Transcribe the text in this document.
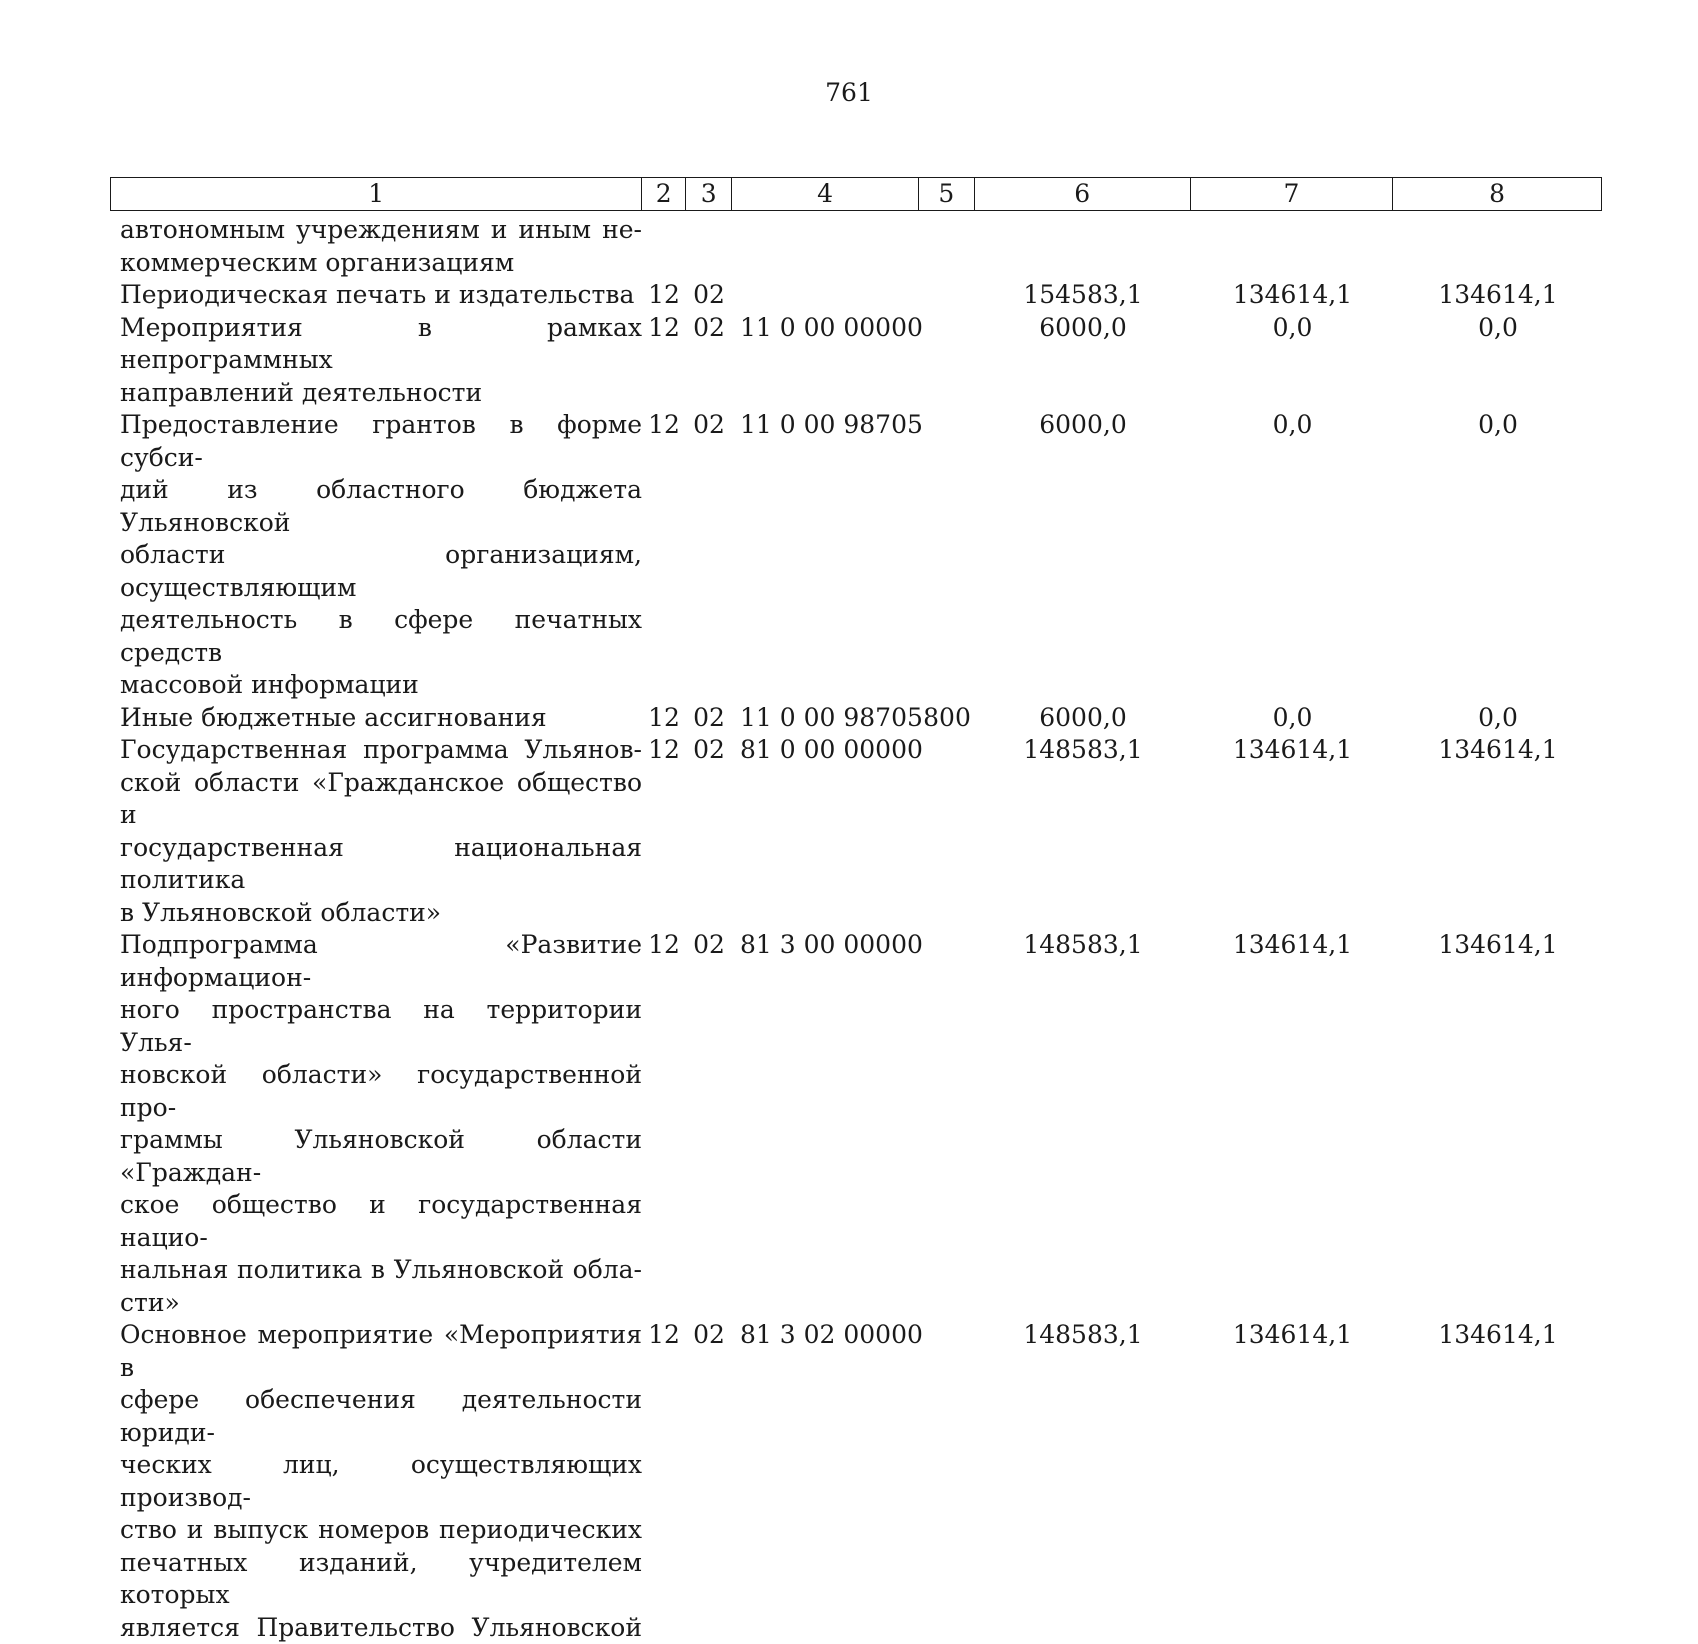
761
1	2	3	4	5	6	7	8
автономным учреждениям и иным не-
коммерческим организациям
Периодическая печать и издательства 12 02	154583,1	134614,1	134614,1
Мероприятия в рамках непрограммных
направлений деятельности
12 02 11 0 00 00000	6000,0	0,0	0,0
Предоставление грантов в форме субси-
дий из областного бюджета Ульяновской
области организациям, осуществляющим
деятельность в сфере печатных средств
массовой информации
12 02 11 0 00 98705	6000,0	0,0	0,0
Иные бюджетные ассигнования	12 02 11 0 00 98705 800	6000,0	0,0	0,0
Государственная программа Ульянов-
ской области «Гражданское общество и
государственная национальная политика
в Ульяновской области»
12 02 81 0 00 00000	148583,1	134614,1	134614,1
Подпрограмма «Развитие информацион-
ного пространства на территории Улья-
новской области» государственной про-
граммы Ульяновской области «Граждан-
ское общество и государственная нацио-
нальная политика в Ульяновской обла-
сти»
12 02 81 3 00 00000	148583,1	134614,1	134614,1
Основное мероприятие «Мероприятия в
сфере обеспечения деятельности юриди-
ческих лиц, осуществляющих производ-
ство и выпуск номеров периодических
печатных изданий, учредителем которых
является Правительство Ульяновской
12 02 81 3 02 00000	148583,1	134614,1	134614,1
